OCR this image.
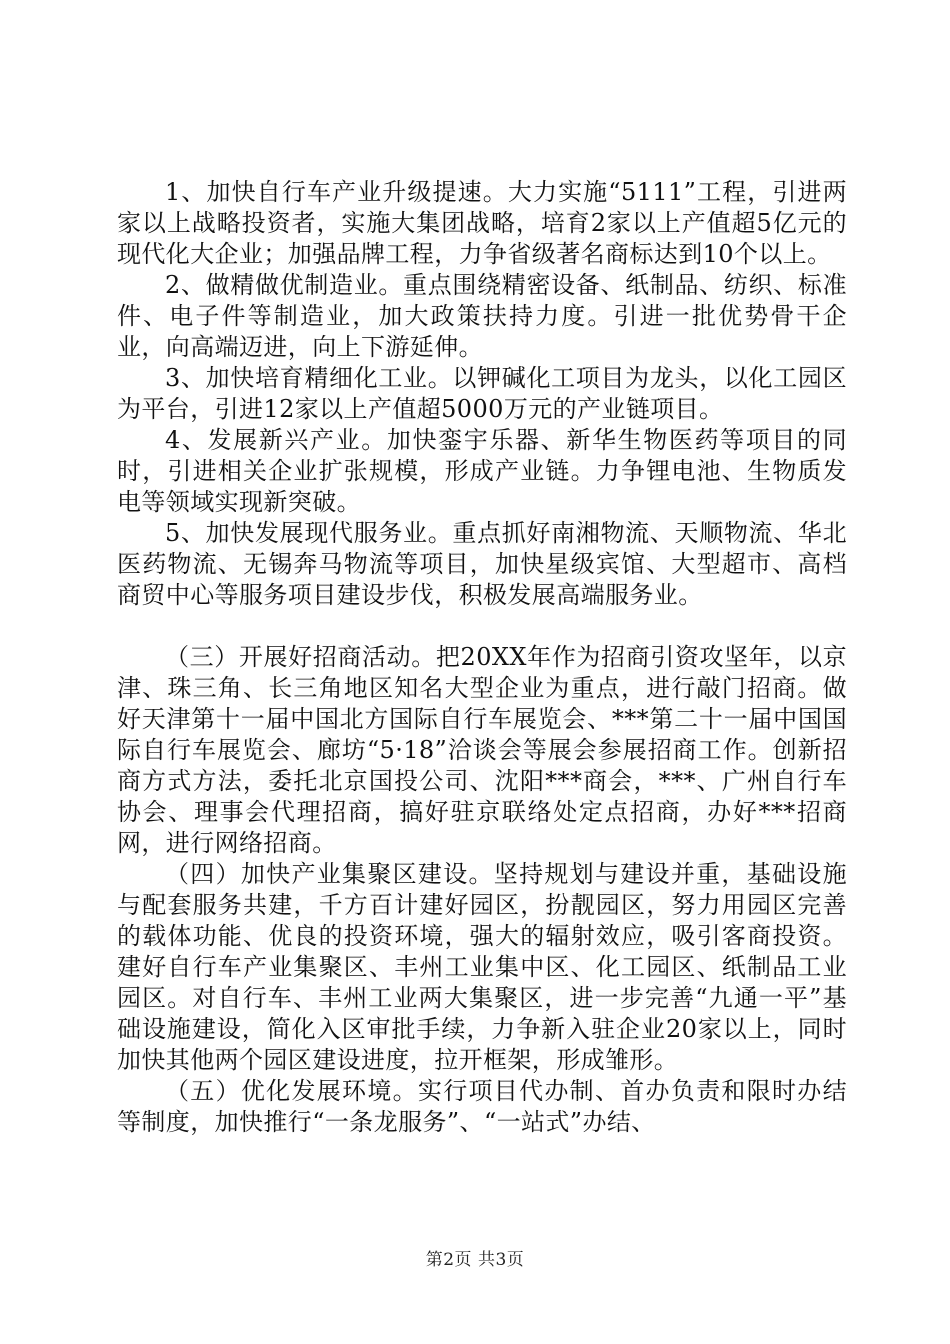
1、加快自行车产业升级提速。大力实施“5111”工程，引进两家以上战略投资者，实施大集团战略，培育2家以上产值超5亿元的现代化大企业；加强品牌工程，力争省级著名商标达到10个以上。

2、做精做优制造业。重点围绕精密设备、纸制品、纺织、标准件、电子件等制造业，加大政策扶持力度。引进一批优势骨干企业，向高端迈进，向上下游延伸。

3、加快培育精细化工业。以钾碱化工项目为龙头，以化工园区为平台，引进12家以上产值超5000万元的产业链项目。

4、发展新兴产业。加快銮宇乐器、新华生物医药等项目的同时，引进相关企业扩张规模，形成产业链。力争锂电池、生物质发电等领域实现新突破。

5、加快发展现代服务业。重点抓好南湘物流、天顺物流、华北医药物流、无锡奔马物流等项目，加快星级宾馆、大型超市、高档商贸中心等服务项目建设步伐，积极发展高端服务业。

（三）开展好招商活动。把20XX年作为招商引资攻坚年，以京津、珠三角、长三角地区知名大型企业为重点，进行敲门招商。做好天津第十一届中国北方国际自行车展览会、***第二十一届中国国际自行车展览会、廊坊“5·18”洽谈会等展会参展招商工作。创新招商方式方法，委托北京国投公司、沈阳***商会，***、广州自行车协会、理事会代理招商，搞好驻京联络处定点招商，办好***招商网，进行网络招商。

（四）加快产业集聚区建设。坚持规划与建设并重，基础设施与配套服务共建，千方百计建好园区，扮靓园区，努力用园区完善的载体功能、优良的投资环境，强大的辐射效应，吸引客商投资。建好自行车产业集聚区、丰州工业集中区、化工园区、纸制品工业园区。对自行车、丰州工业两大集聚区，进一步完善“九通一平”基础设施建设，简化入区审批手续，力争新入驻企业20家以上，同时加快其他两个园区建设进度，拉开框架，形成雏形。

（五）优化发展环境。实行项目代办制、首办负责和限时办结等制度，加快推行“一条龙服务”、“一站式”办结、

第2页 共3页
